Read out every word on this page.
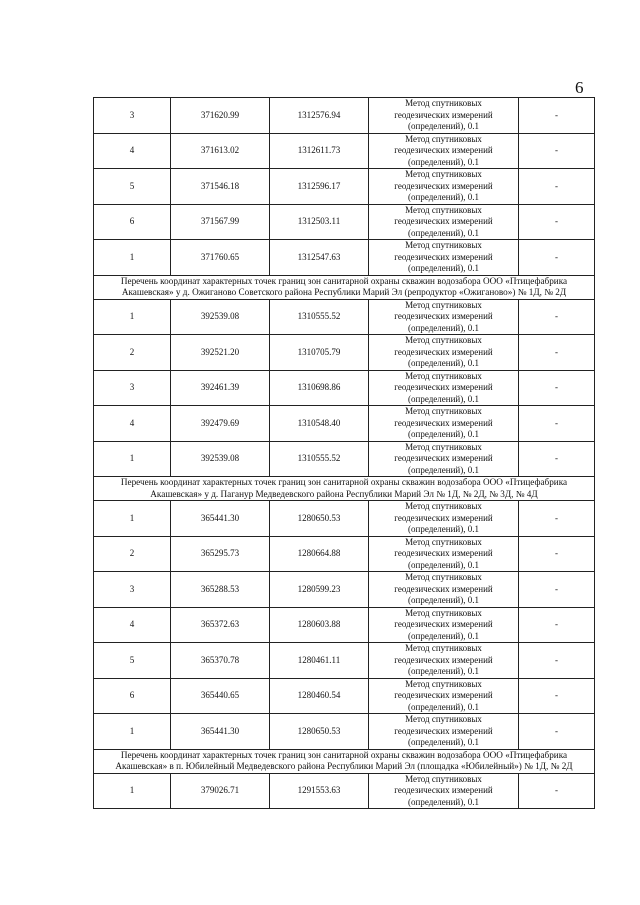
6
3	371620.99	1312576.94	Метод спутниковых
геодезических измерений
(определений), 0.1	-
4	371613.02	1312611.73	Метод спутниковых
геодезических измерений
(определений), 0.1	-
5	371546.18	1312596.17	Метод спутниковых
геодезических измерений
(определений), 0.1	-
6	371567.99	1312503.11	Метод спутниковых
геодезических измерений
(определений), 0.1	-
1	371760.65	1312547.63	Метод спутниковых
геодезических измерений
(определений), 0.1	-
Перечень координат характерных точек границ зон санитарной охраны скважин водозабора ООО «Птицефабрика Акашевская» у д. Ожиганово Советского района Республики Марий Эл (репродуктор «Ожиганово») № 1Д, № 2Д				
1	392539.08	1310555.52	Метод спутниковых
геодезических измерений
(определений), 0.1	-
2	392521.20	1310705.79	Метод спутниковых
геодезических измерений
(определений), 0.1	-
3	392461.39	1310698.86	Метод спутниковых
геодезических измерений
(определений), 0.1	-
4	392479.69	1310548.40	Метод спутниковых
геодезических измерений
(определений), 0.1	-
1	392539.08	1310555.52	Метод спутниковых
геодезических измерений
(определений), 0.1	-
Перечень координат характерных точек границ зон санитарной охраны скважин водозабора ООО «Птицефабрика Акашевская» у д. Пагануp Медведевского района Республики Марий Эл № 1Д, № 2Д, № 3Д, № 4Д				
1	365441.30	1280650.53	Метод спутниковых
геодезических измерений
(определений), 0.1	-
2	365295.73	1280664.88	Метод спутниковых
геодезических измерений
(определений), 0.1	-
3	365288.53	1280599.23	Метод спутниковых
геодезических измерений
(определений), 0.1	-
4	365372.63	1280603.88	Метод спутниковых
геодезических измерений
(определений), 0.1	-
5	365370.78	1280461.11	Метод спутниковых
геодезических измерений
(определений), 0.1	-
6	365440.65	1280460.54	Метод спутниковых
геодезических измерений
(определений), 0.1	-
1	365441.30	1280650.53	Метод спутниковых
геодезических измерений
(определений), 0.1	-
Перечень координат характерных точек границ зон санитарной охраны скважин водозабора ООО «Птицефабрика Акашевская» в п. Юбилейный Медведевского района Республики Марий Эл (площадка «Юбилейный») № 1Д, № 2Д				
1	379026.71	1291553.63	Метод спутниковых
геодезических измерений
(определений), 0.1	-
